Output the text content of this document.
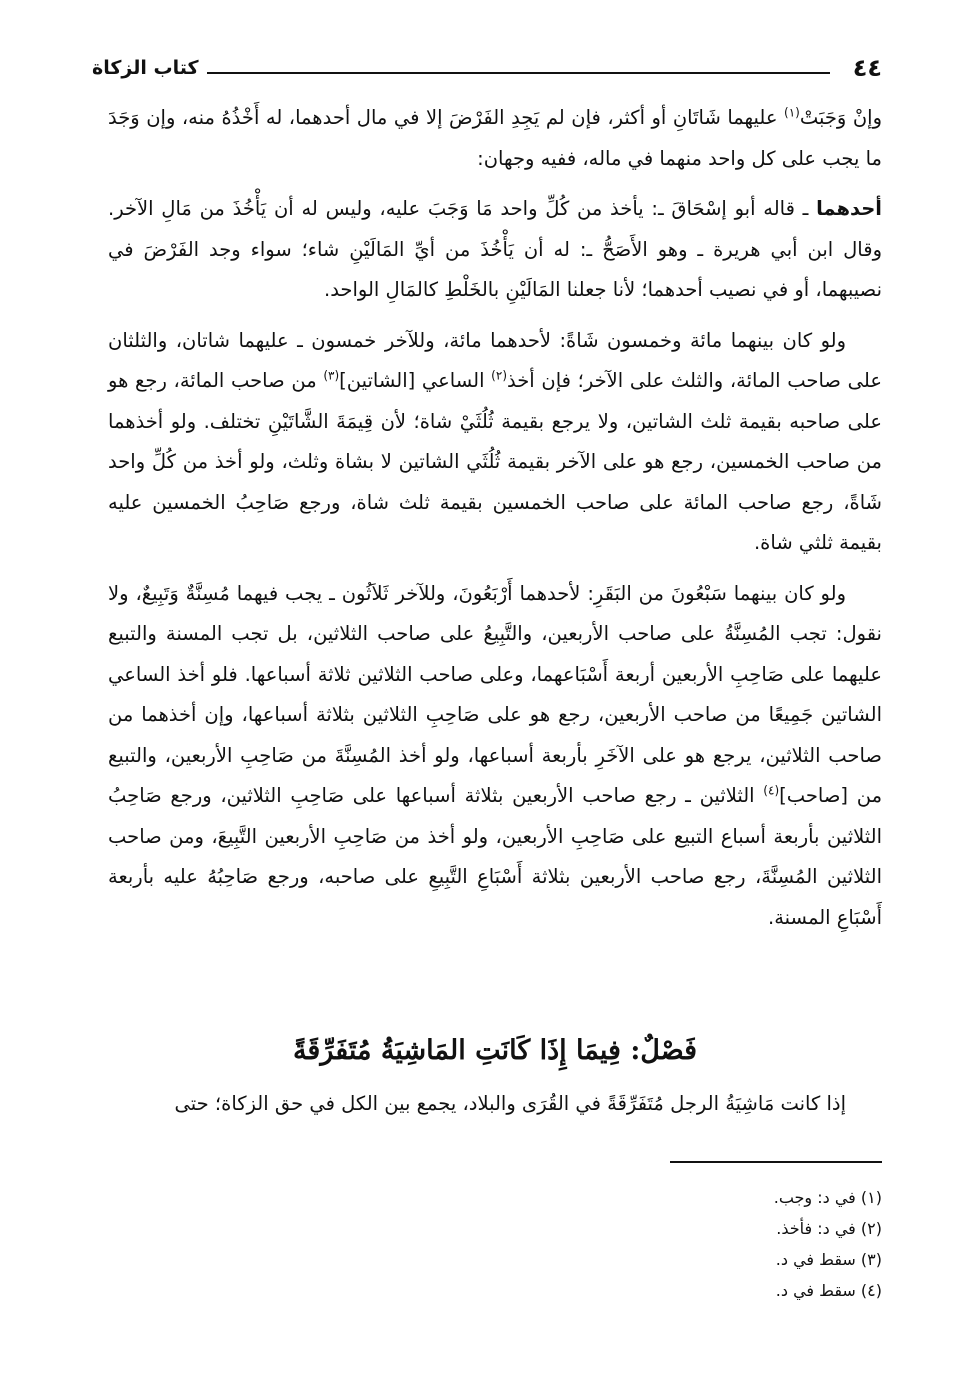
٤٤
كتاب الزكاة

وإنْ وَجَبَتْ$^{(١)}$ عليهما شَاتَانِ أو أكثر، فإن لم يَجِدِ الفَرْضَ إلا في مال أحدهما، له أَخْذُهُ منه، وإن وَجَدَ ما يجب على كل واحد منهما في ماله، ففيه وجهان:

أحدهما ـ قاله أبو إسْحَاقَ ـ: يأخذ من كُلِّ واحد مَا وَجَبَ عليه، وليس له أن يَأْخُذَ من مَالِ الآخر. وقال ابن أبي هريرة ـ وهو الأَصَحُّ ـ: له أن يَأْخُذَ من أيِّ المَالَيْنِ شاء؛ سواء وجد الفَرْضَ في نصيبهما، أو في نصيب أحدهما؛ لأنا جعلنا المَالَيْنِ بالخَلْطِ كالمَالِ الواحد.

ولو كان بينهما مائة وخمسون شَاةً: لأحدهما مائة، وللآخر خمسون ـ عليهما شاتان، والثلثان على صاحب المائة، والثلث على الآخر؛ فإن أخذ$^{(٢)}$ الساعي [الشاتين]$^{(٣)}$ من صاحب المائة، رجع هو على صاحبه بقيمة ثلث الشاتين، ولا يرجع بقيمة ثُلُثَيْ شاة؛ لأن قِيمَةَ الشَّاتَيْنِ تختلف. ولو أخذهما من صاحب الخمسين، رجع هو على الآخر بقيمة ثُلُثَي الشاتين لا بشاة وثلث، ولو أخذ من كُلِّ واحد شَاةً، رجع صاحب المائة على صاحب الخمسين بقيمة ثلث شاة، ورجع صَاحِبُ الخمسين عليه بقيمة ثلثي شاة.

ولو كان بينهما سَبْعُونَ من البَقَرِ: لأحدهما أَرْبَعُونَ، وللآخر ثَلاَثُون ـ يجب فيهما مُسِنَّةٌ وَتَبِيعٌ، ولا نقول: تجب المُسِنَّةُ على صاحب الأربعين، والتَّبِيعُ على صاحب الثلاثين، بل تجب المسنة والتبيع عليهما على صَاحِبِ الأربعين أربعة أَسْبَاعهما، وعلى صاحب الثلاثين ثلاثة أسباعها. فلو أخذ الساعي الشاتين جَمِيعًا من صاحب الأربعين، رجع هو على صَاحِبِ الثلاثين بثلاثة أسباعها، وإن أخذهما من صاحب الثلاثين، يرجع هو على الآخَرِ بأربعة أسباعها، ولو أخذ المُسِنَّةَ من صَاحِبِ الأربعين، والتبيع من [صاحب]$^{(٤)}$ الثلاثين ـ رجع صاحب الأربعين بثلاثة أسباعها على صَاحِبِ الثلاثين، ورجع صَاحِبُ الثلاثين بأربعة أسباع التبيع على صَاحِبِ الأربعين، ولو أخذ من صَاحِبِ الأربعين التَّبِيعَ، ومن صاحب الثلاثين المُسِنَّةَ، رجع صاحب الأربعين بثلاثة أَسْبَاعِ التَّبِيعِ على صاحبه، ورجع صَاحِبُهُ عليه بأربعة أَسْبَاعِ المسنة.

فَصْلٌ: فِيمَا إِذَا كَانَتِ المَاشِيَةُ مُتَفَرِّقَةً
إذا كانت مَاشِيَةُ الرجل مُتَفَرِّقَةً في القُرَى والبلاد، يجمع بين الكل في حق الزكاة؛ حتى
(١) في د: وجب.
(٢) في د: فأخذ.
(٣) سقط في د.
(٤) سقط في د.
